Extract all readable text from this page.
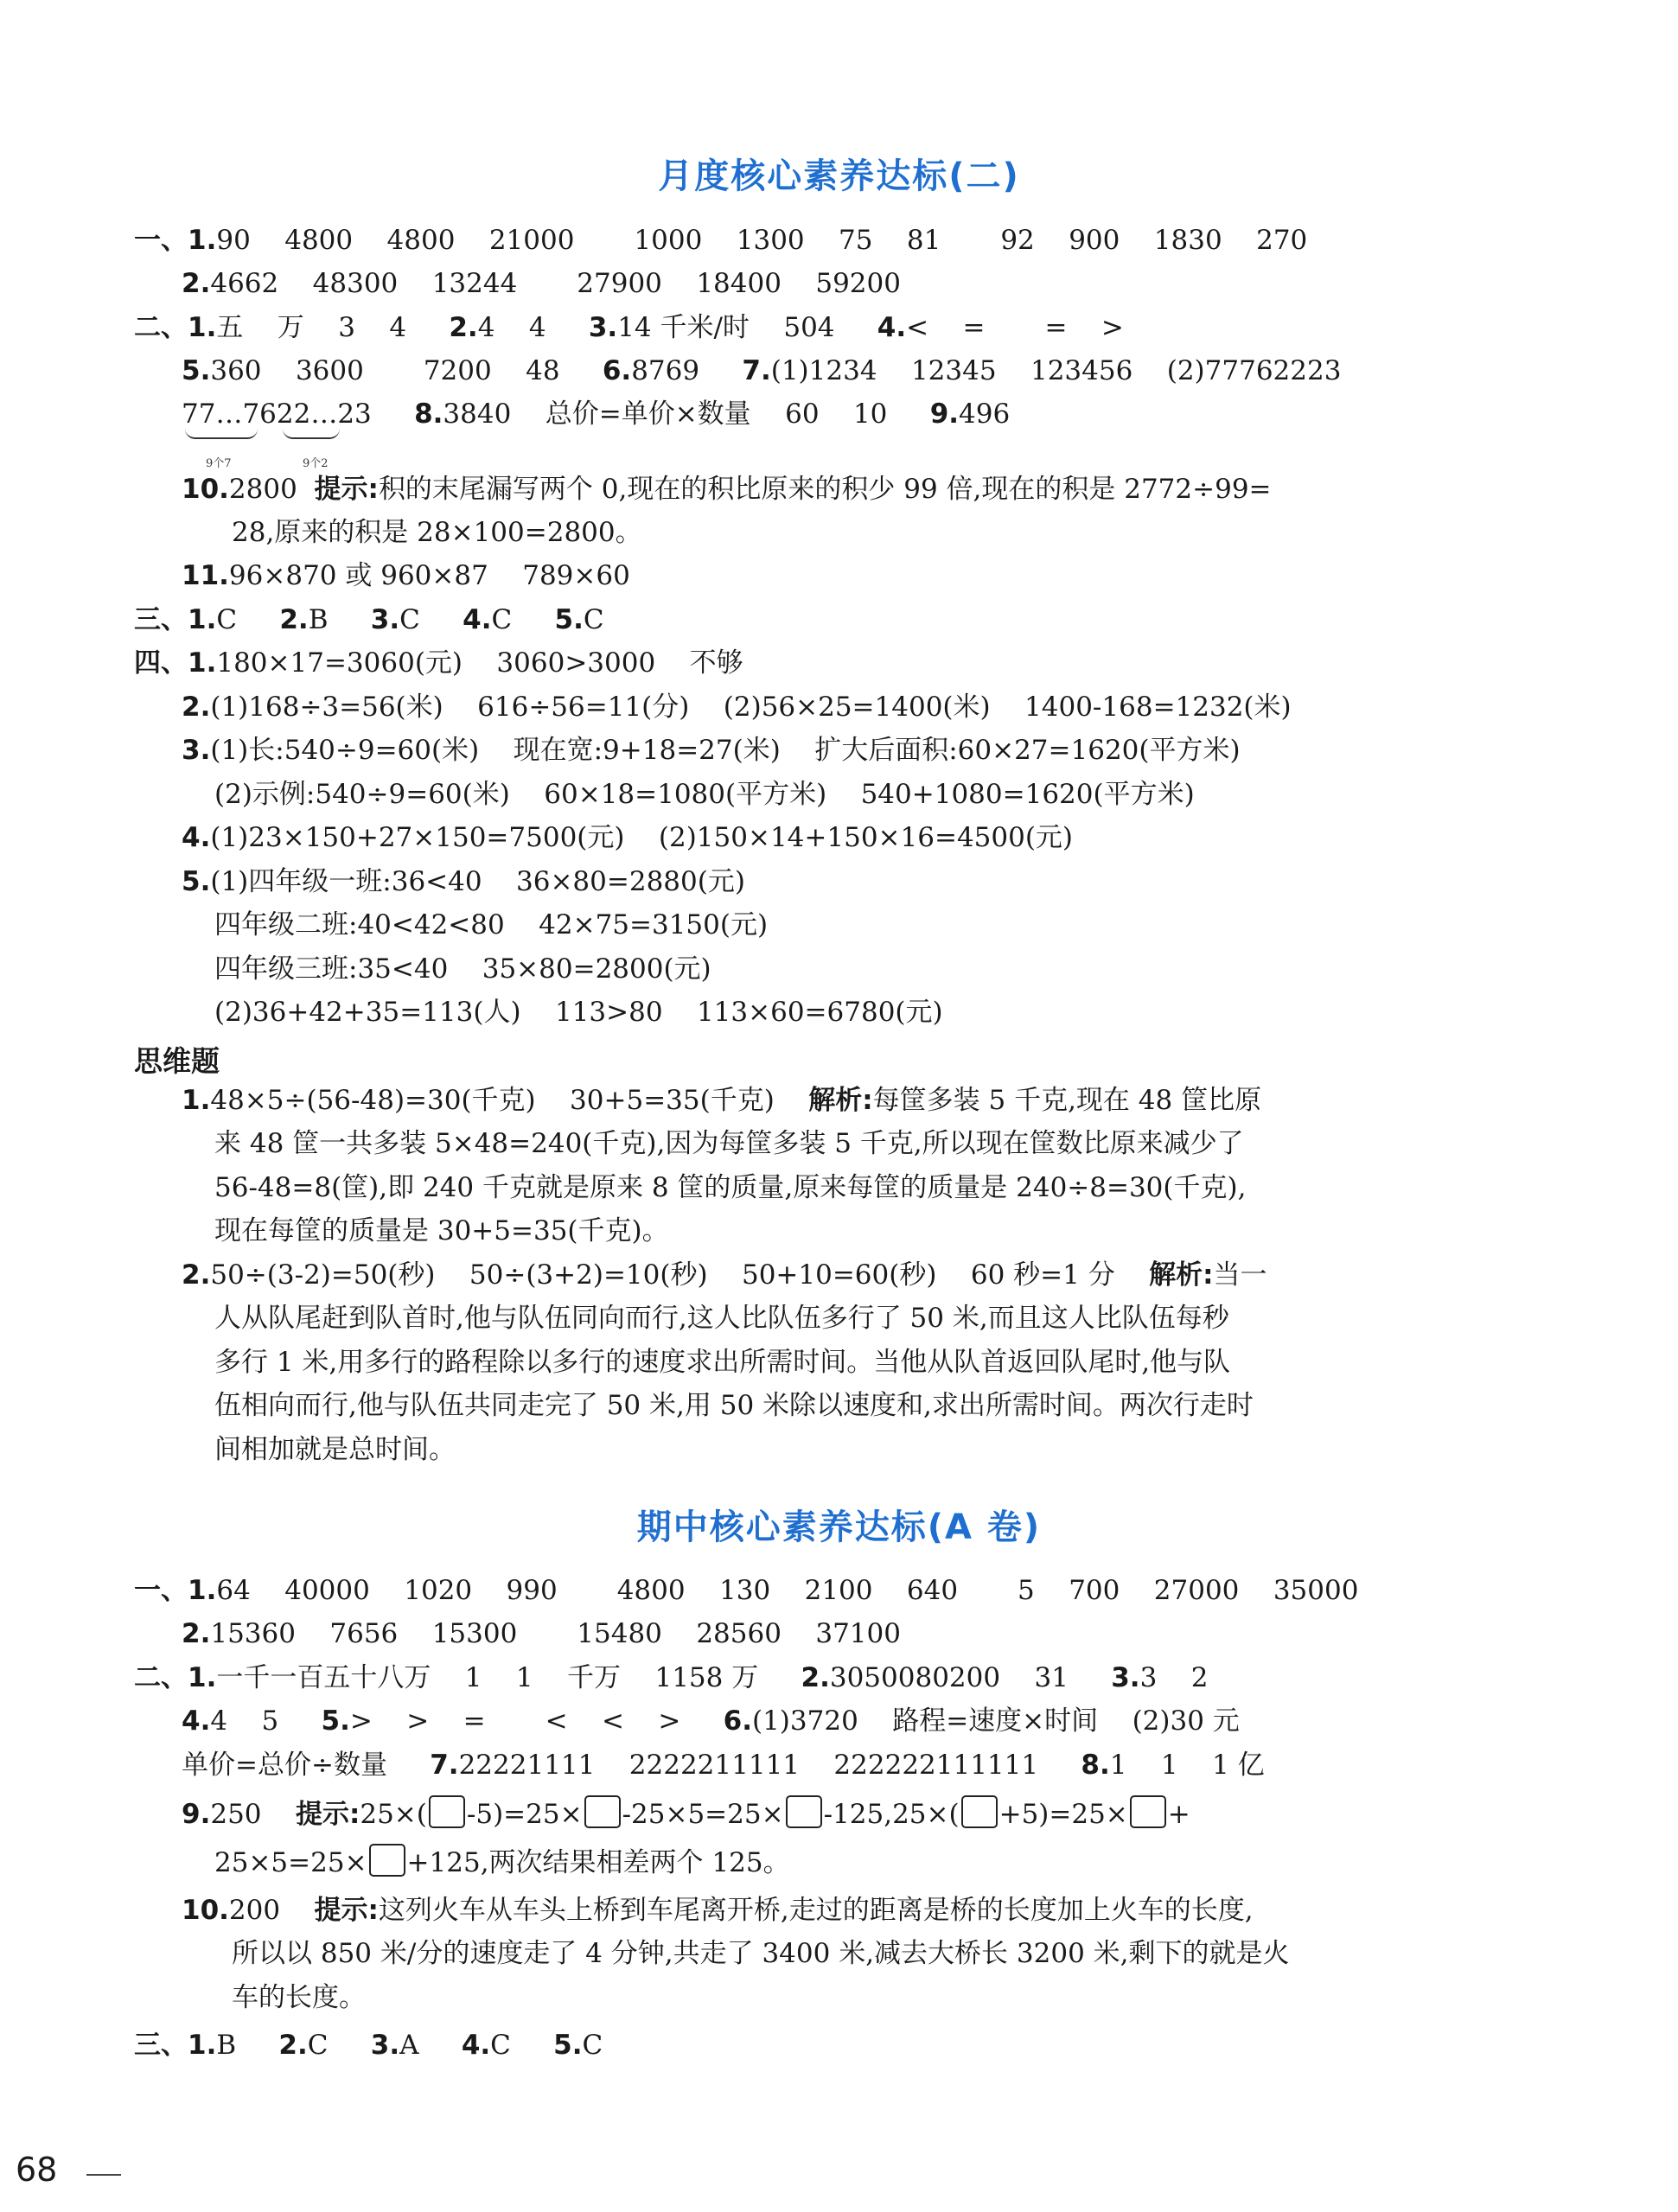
月度核心素养达标(二)
一、1.90    4800    4800    21000       1000    1300    75    81       92    900    1830    270
2.4662    48300    13244       27900    18400    59200
二、1.五    万    3    4     2.4    4     3.14 千米/时    504     4.<    =       =    >
5.360    3600       7200    48     6.8769     7.(1)1234    12345    123456    (2)77762223
77…7622…23     8.3840    总价=单价×数量    60    10     9.496
9个7	9个2
10.2800  提示:积的末尾漏写两个 0,现在的积比原来的积少 99 倍,现在的积是 2772÷99=
28,原来的积是 28×100=2800。
11.96×870 或 960×87    789×60
三、1.C     2.B     3.C     4.C     5.C
四、1.180×17=3060(元)    3060>3000    不够
2.(1)168÷3=56(米)    616÷56=11(分)    (2)56×25=1400(米)    1400-168=1232(米)
3.(1)长:540÷9=60(米)    现在宽:9+18=27(米)    扩大后面积:60×27=1620(平方米)
(2)示例:540÷9=60(米)    60×18=1080(平方米)    540+1080=1620(平方米)
4.(1)23×150+27×150=7500(元)    (2)150×14+150×16=4500(元)
5.(1)四年级一班:36<40    36×80=2880(元)
四年级二班:40<42<80    42×75=3150(元)
四年级三班:35<40    35×80=2800(元)
(2)36+42+35=113(人)    113>80    113×60=6780(元)
思维题
1.48×5÷(56-48)=30(千克)    30+5=35(千克)    解析:每筐多装 5 千克,现在 48 筐比原
来 48 筐一共多装 5×48=240(千克),因为每筐多装 5 千克,所以现在筐数比原来减少了
56-48=8(筐),即 240 千克就是原来 8 筐的质量,原来每筐的质量是 240÷8=30(千克),
现在每筐的质量是 30+5=35(千克)。
2.50÷(3-2)=50(秒)    50÷(3+2)=10(秒)    50+10=60(秒)    60 秒=1 分    解析:当一
人从队尾赶到队首时,他与队伍同向而行,这人比队伍多行了 50 米,而且这人比队伍每秒
多行 1 米,用多行的路程除以多行的速度求出所需时间。当他从队首返回队尾时,他与队
伍相向而行,他与队伍共同走完了 50 米,用 50 米除以速度和,求出所需时间。两次行走时
间相加就是总时间。
期中核心素养达标(A 卷)
一、1.64    40000    1020    990       4800    130    2100    640       5    700    27000    35000
2.15360    7656    15300       15480    28560    37100
二、1.一千一百五十八万    1    1    千万    1158 万     2.3050080200    31     3.3    2
4.4    5     5.>    >    =       <    <    >     6.(1)3720    路程=速度×时间    (2)30 元
单价=总价÷数量     7.22221111    2222211111    222222111111     8.1    1    1 亿
9.250    提示:25×( -5)=25× -25×5=25× -125,25×( +5)=25× +
25×5=25× +125,两次结果相差两个 125。
10.200    提示:这列火车从车头上桥到车尾离开桥,走过的距离是桥的长度加上火车的长度,
所以以 850 米/分的速度走了 4 分钟,共走了 3400 米,减去大桥长 3200 米,剩下的就是火
车的长度。
三、1.B     2.C     3.A     4.C     5.C
68
